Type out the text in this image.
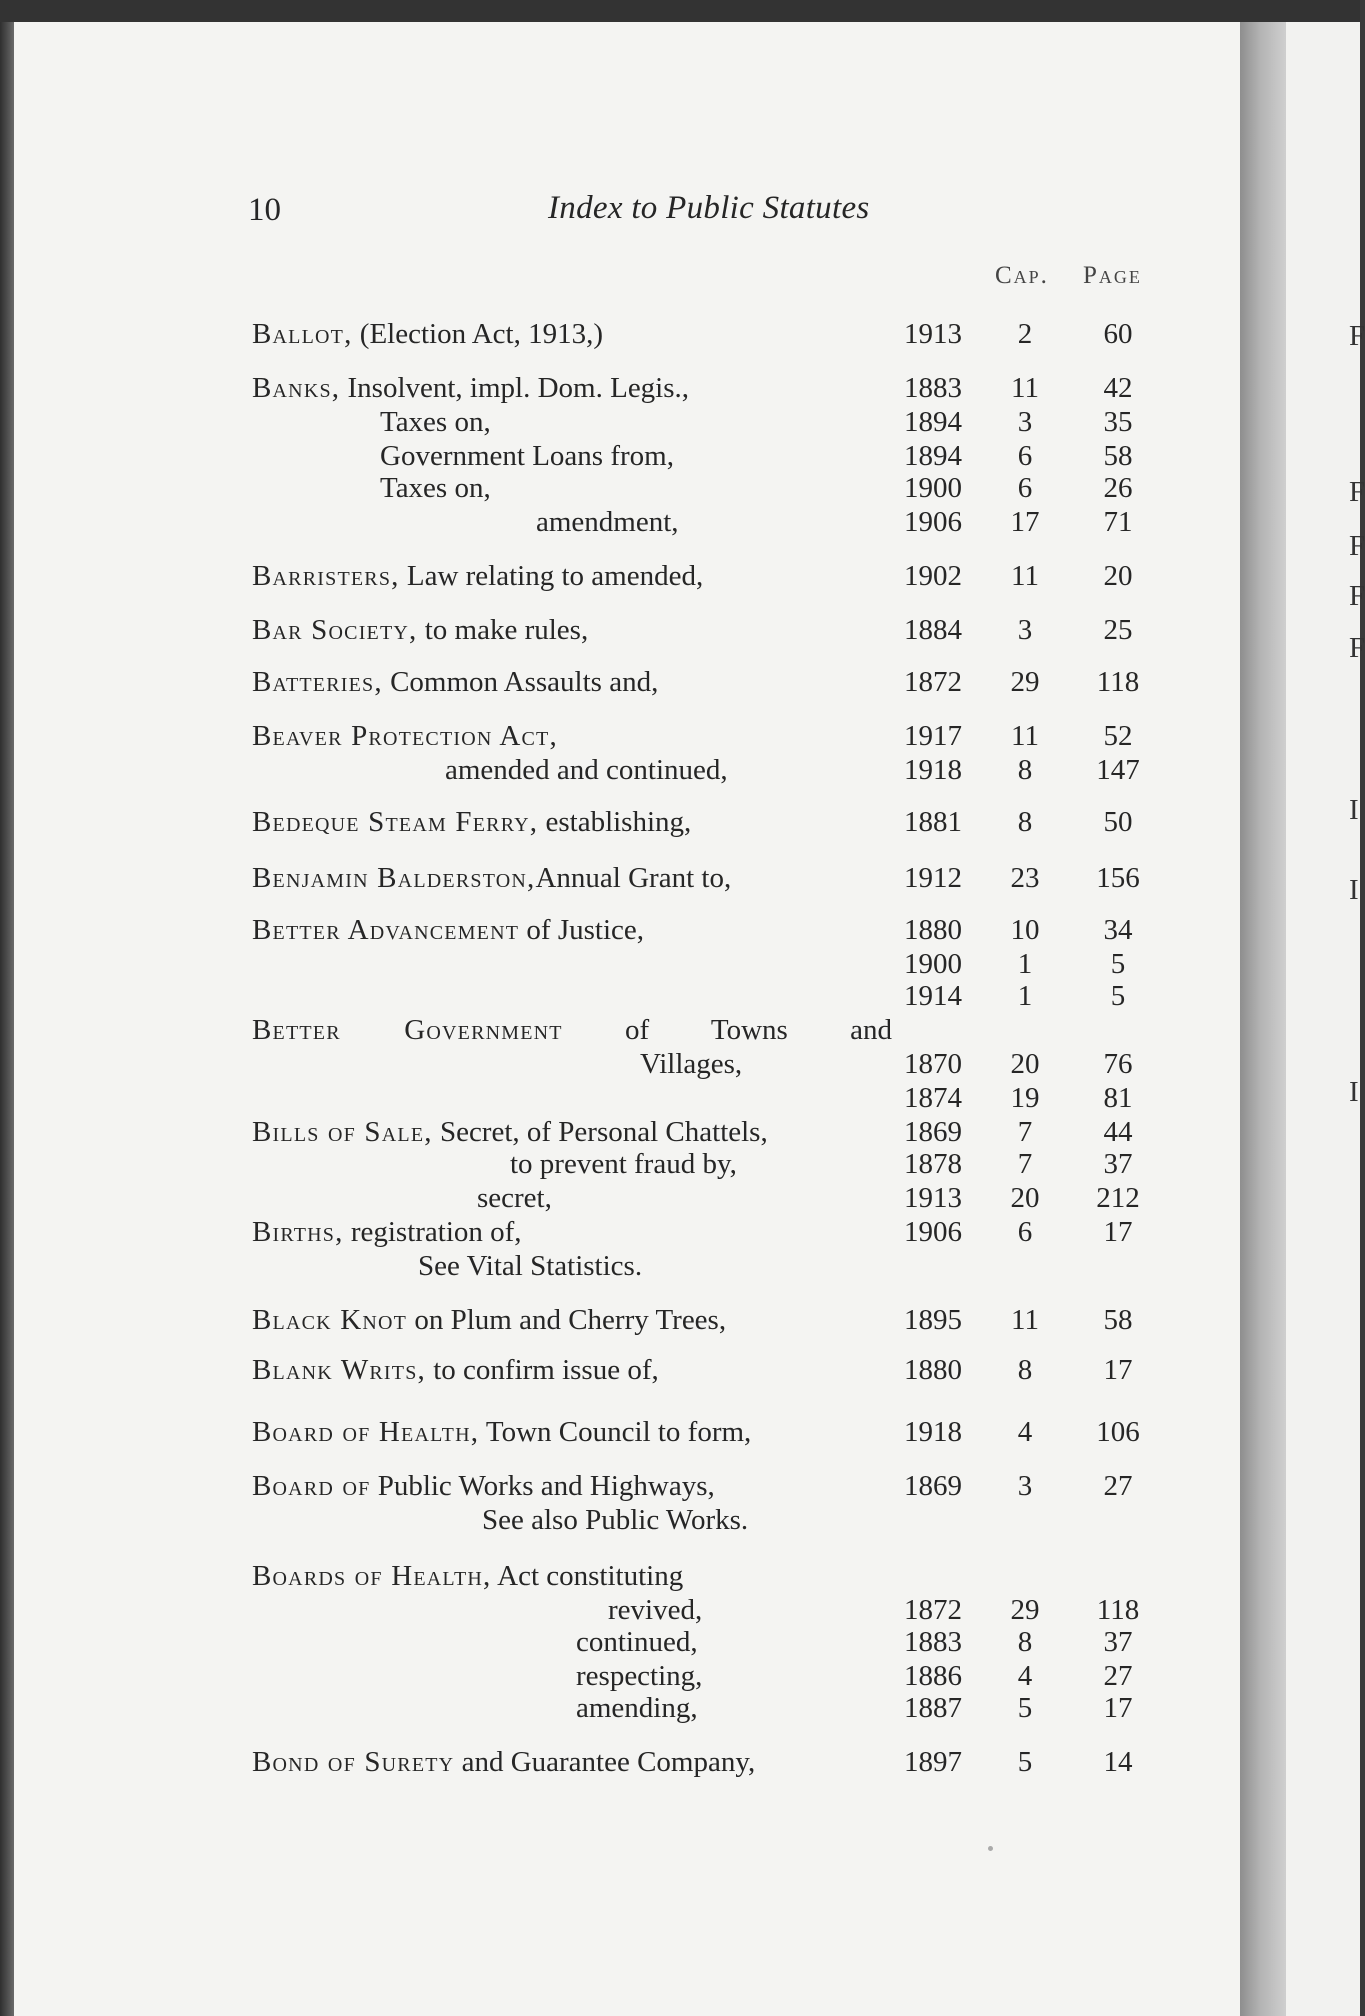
F
F
F
F
F
I
I
I
10	Index to Public Statutes
Cap. Page
Ballot, (Election Act, 1913,)	1913	2	60
Banks, Insolvent, impl. Dom. Legis.,	1883	11	42
Taxes on,	1894	3	35
Government Loans from,	1894	6	58
Taxes on,	1900	6	26
amendment,	1906	17	71
Barristers, Law relating to amended,	1902	11	20
Bar Society, to make rules,	1884	3	25
Batteries, Common Assaults and,	1872	29	118
Beaver Protection Act,	1917	11	52
amended and continued,	1918	8	147
Bedeque Steam Ferry, establishing,	1881	8	50
Benjamin Balderston,Annual Grant to,	1912	23	156
Better Advancement of Justice,	1880	10	34
1900	1	5
1914	1	5
Better Government of Towns and
Villages,	1870	20	76
1874	19	81
Bills of Sale, Secret, of Personal Chattels,	1869	7	44
to prevent fraud by,	1878	7	37
secret,	1913	20	212
Births, registration of,	1906	6	17
See Vital Statistics.
Black Knot on Plum and Cherry Trees,	1895	11	58
Blank Writs, to confirm issue of,	1880	8	17
Board of Health, Town Council to form,	1918	4	106
Board of Public Works and Highways,	1869	3	27
See also Public Works.
Boards of Health, Act constituting
revived,	1872	29	118
continued,	1883	8	37
respecting,	1886	4	27
amending,	1887	5	17
Bond of Surety and Guarantee Company,	1897	5	14
